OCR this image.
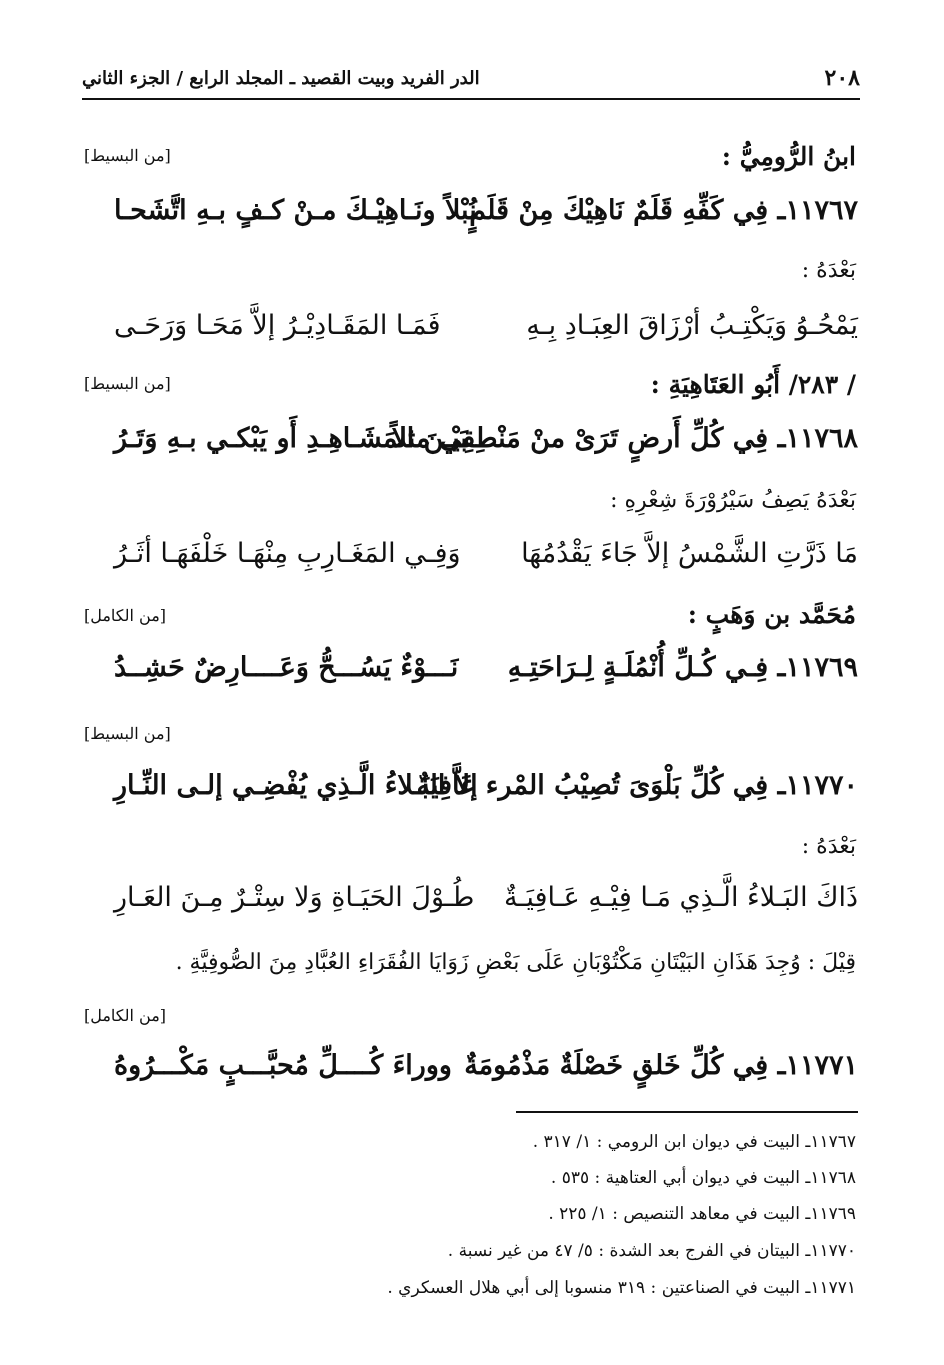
٢٠٨
الدر الفريد وبيت القصيد ـ المجلد الرابع / الجزء الثاني
ابنُ الرُّومِيُّ :
[من البسيط]
١١٧٦٧ـ فِي كَفِّهِ قَلَمٌ نَاهِيْكَ مِنْ قَلَمٍ
نُبْلاً ونَـاهِيْـكَ مـنْ كـفٍ بـهِ اتَّشَحـا
بَعْدَهُ :
يَمْحُـوُ وَيَكْتِـبُ أرْزَاقَ العِبَـادِ بِـهِ
فَمَـا المَقَـادِيْـرُ إلاَّ مَحَـا وَرَحَـى
/ ٢٨٣/ أَبُو العَتَاهِيَةِ :
[من البسيط]
١١٧٦٨ـ فِي كُلِّ أَرضٍ تَرَىْ منْ مَنْطِقِي مثلاً
بَيْـنَ المَشَـاهِـدِ أَو يَبْكـي بـهِ وَتَـرُ
بَعْدَهُ يَصِفُ سَيْرُوْرَةَ شِعْرِهِ :
مَا ذَرَّتِ الشَّمْسُ إلاَّ جَاءَ يَقْدُمُهَا
وَفِـي المَغَـارِبِ مِنْهَـا خَلْفَهَـا أثَـرُ
مُحَمَّد بن وَهَبٍ :
[من الكامل]
١١٧٦٩ـ فِـي كُـلِّ أُنْمُلَـةٍ لِـرَاحَتِـهِ
نَـــوْءٌ يَسُـــحُّ وَعَــــارِضٌ حَشِــدُ
[من البسيط]
١١٧٧٠ـ فِي كُلِّ بَلْوَىَ تُصِيْبُ المْرء عَافِيَةٌ
إلاَّ البَـلاءُ الَّـذِي يُفْضِـي إلـى النِّـارِ
بَعْدَهُ :
ذَاكَ البَـلاءُ الَّـذِي مَـا فِيْـهِ عَـافِيَـةٌ
طُـوْلَ الحَيَـاةِ وَلا سِتْـرٌ مِـنَ العَـارِ
قِيْلَ : وُجِدَ هَذَانِ البَيْتَانِ مَكْتُوْبَانِ عَلَى بَعْضِ زَوَايَا الفُقَرَاءِ العُبَّادِ مِنَ الصُّوفِيَّةِ .
[من الكامل]
١١٧٧١ـ فِي كُلِّ خَلقٍ خَصْلَةٌ مَذْمُومَةٌ
ووراءَ كُــــلِّ مُحبَّـــبٍ مَكْـــرُوهُ
١١٧٦٧ـ البيت في ديوان ابن الرومي : ١/ ٣١٧ .
١١٧٦٨ـ البيت في ديوان أبي العتاهية : ٥٣٥ .
١١٧٦٩ـ البيت في معاهد التنصيص : ١/ ٢٢٥ .
١١٧٧٠ـ البيتان في الفرج بعد الشدة : ٥/ ٤٧ من غير نسبة .
١١٧٧١ـ البيت في الصناعتين : ٣١٩ منسوبا إلى أبي هلال العسكري .
